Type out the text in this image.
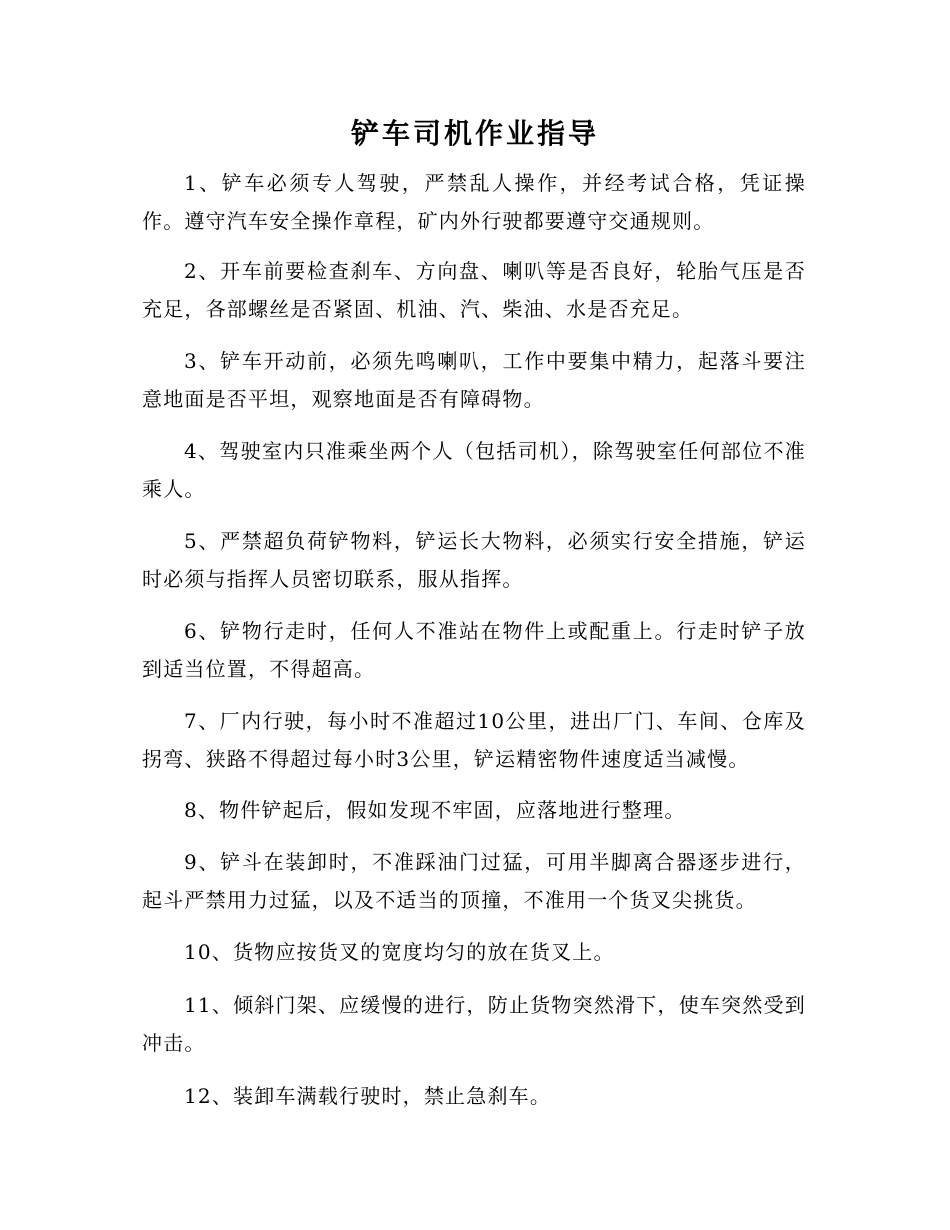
铲车司机作业指导

1、铲车必须专人驾驶，严禁乱人操作，并经考试合格，凭证操作。遵守汽车安全操作章程，矿内外行驶都要遵守交通规则。

2、开车前要检查刹车、方向盘、喇叭等是否良好，轮胎气压是否充足，各部螺丝是否紧固、机油、汽、柴油、水是否充足。

3、铲车开动前，必须先鸣喇叭，工作中要集中精力，起落斗要注意地面是否平坦，观察地面是否有障碍物。

4、驾驶室内只准乘坐两个人（包括司机），除驾驶室任何部位不准乘人。

5、严禁超负荷铲物料，铲运长大物料，必须实行安全措施，铲运时必须与指挥人员密切联系，服从指挥。

6、铲物行走时，任何人不准站在物件上或配重上。行走时铲子放到适当位置，不得超高。

7、厂内行驶，每小时不准超过10公里，进出厂门、车间、仓库及拐弯、狭路不得超过每小时3公里，铲运精密物件速度适当减慢。

8、物件铲起后，假如发现不牢固，应落地进行整理。

9、铲斗在装卸时，不准踩油门过猛，可用半脚离合器逐步进行，起斗严禁用力过猛，以及不适当的顶撞，不准用一个货叉尖挑货。

10、货物应按货叉的宽度均匀的放在货叉上。

11、倾斜门架、应缓慢的进行，防止货物突然滑下，使车突然受到冲击。

12、装卸车满载行驶时，禁止急刹车。
